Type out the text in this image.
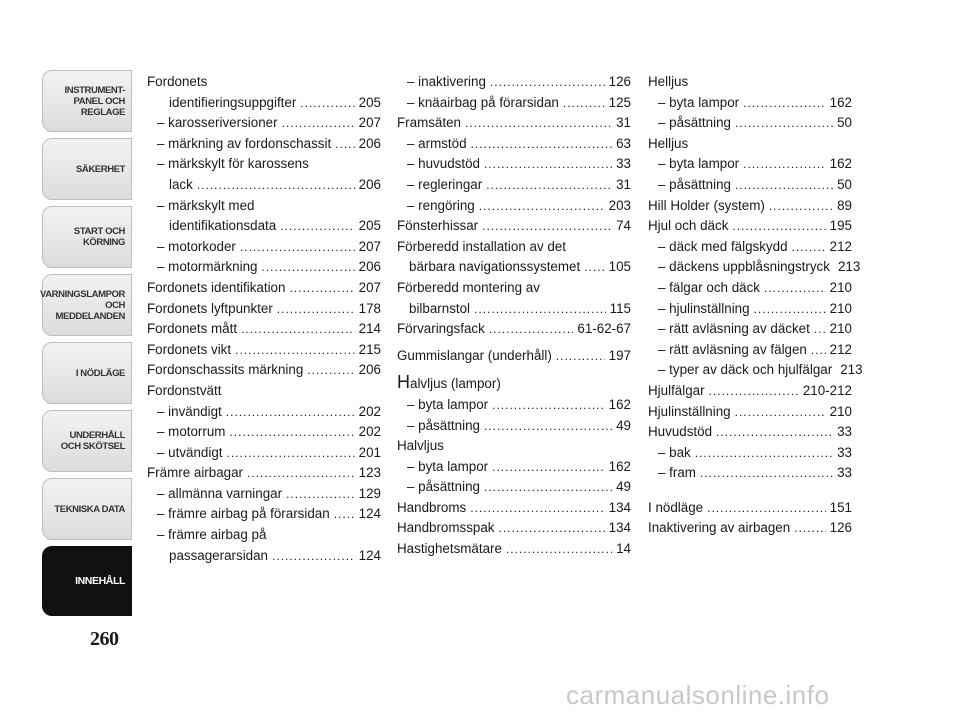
INSTRUMENT-
PANEL OCH
REGLAGE
SÄKERHET
START OCH
KÖRNING
VARNINGSLAMPOR
OCH
MEDDELANDEN
I NÖDLÄGE
UNDERHÅLL
OCH SKÖTSEL
TEKNISKA DATA
INNEHÅLL
260
Fordonets
identifieringsuppgifter .....	205
– karosseriversioner .....	207
– märkning av fordonschassit ..... 206
– märkskylt för karossens
lack .....	206
– märkskylt med
identifikationsdata .....	205
– motorkoder .....	207
– motormärkning .....	206
Fordonets identifikation .....	207
Fordonets lyftpunkter .....	178
Fordonets mått .....	214
Fordonets vikt .....	215
Fordonschassits märkning .....	206
Fordonstvätt
– invändigt .....	202
– motorrum .....	202
– utvändigt .....	201
Främre airbagar .....	123
– allmänna varningar .....	129
– främre airbag på förarsidan ..... 124
– främre airbag på
passagerarsidan .....	124
– inaktivering .....	126
– knäairbag på förarsidan .....	125
Framsäten .....	31
– armstöd .....	63
– huvudstöd .....	33
– regleringar .....	31
– rengöring .....	203
Fönsterhissar .....	74
Förberedd installation av det
bärbara navigationssystemet ..... 105
Förberedd montering av
bilbarnstol .....	115
Förvaringsfack .....	61-62-67
Gummislangar (underhåll) .....	197
Halvljus (lampor)
– byta lampor .....	162
– påsättning .....	49
Halvljus
– byta lampor .....	162
– påsättning .....	49
Handbroms .....	134
Handbromsspak .....	134
Hastighetsmätare .....	14
Helljus
– byta lampor .....	162
– påsättning .....	50
Helljus
– byta lampor .....	162
– påsättning .....	50
Hill Holder (system) .....	89
Hjul och däck .....	195
– däck med fälgskydd .....	212
– däckens uppblåsningstryck 213
– fälgar och däck .....	210
– hjulinställning .....	210
– rätt avläsning av däcket ..... 210
– rätt avläsning av fälgen ..... 212
– typer av däck och hjulfälgar 213
Hjulfälgar .....	210-212
Hjulinställning .....	210
Huvudstöd .....	33
– bak .....	33
– fram .....	33
I nödläge .....	151
Inaktivering av airbagen .....	126
carmanualsonline.info
